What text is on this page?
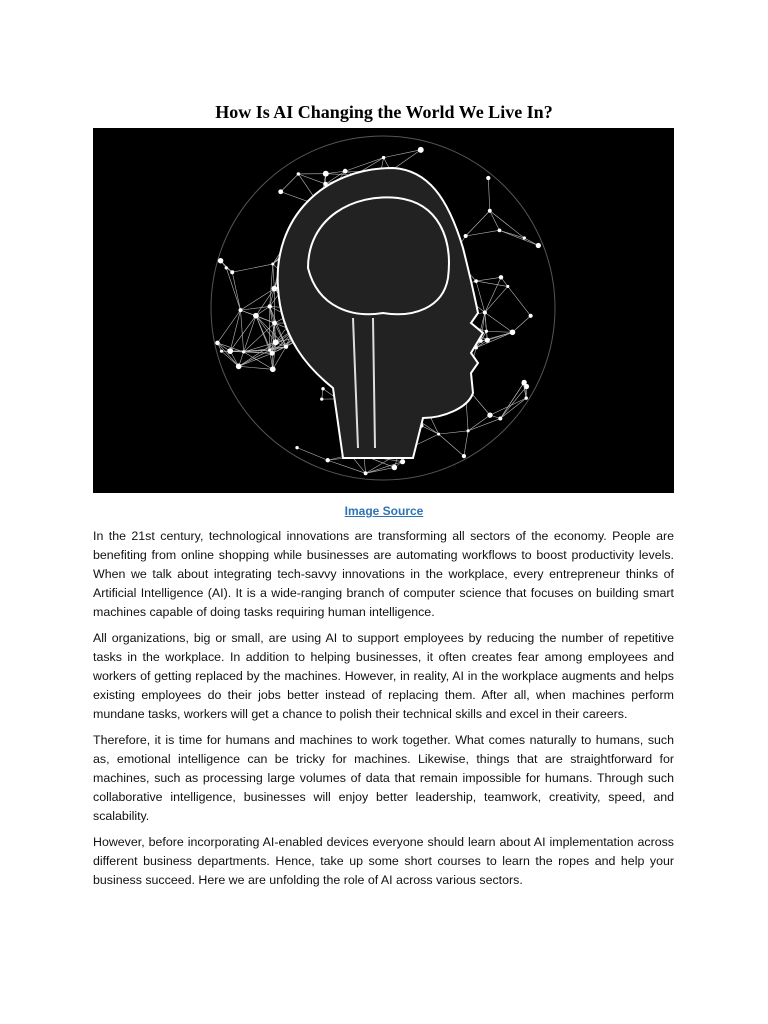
How Is AI Changing the World We Live In?
Image Source

In the 21st century, technological innovations are transforming all sectors of the economy. People are benefiting from online shopping while businesses are automating workflows to boost productivity levels. When we talk about integrating tech-savvy innovations in the workplace, every entrepreneur thinks of Artificial Intelligence (AI). It is a wide-ranging branch of computer science that focuses on building smart machines capable of doing tasks requiring human intelligence.

All organizations, big or small, are using AI to support employees by reducing the number of repetitive tasks in the workplace. In addition to helping businesses, it often creates fear among employees and workers of getting replaced by the machines. However, in reality, AI in the workplace augments and helps existing employees do their jobs better instead of replacing them. After all, when machines perform mundane tasks, workers will get a chance to polish their technical skills and excel in their careers.

Therefore, it is time for humans and machines to work together. What comes naturally to humans, such as, emotional intelligence can be tricky for machines. Likewise, things that are straightforward for machines, such as processing large volumes of data that remain impossible for humans. Through such collaborative intelligence, businesses will enjoy better leadership, teamwork, creativity, speed, and scalability.

However, before incorporating AI-enabled devices everyone should learn about AI implementation across different business departments. Hence, take up some short courses to learn the ropes and help your business succeed. Here we are unfolding the role of AI across various sectors.
